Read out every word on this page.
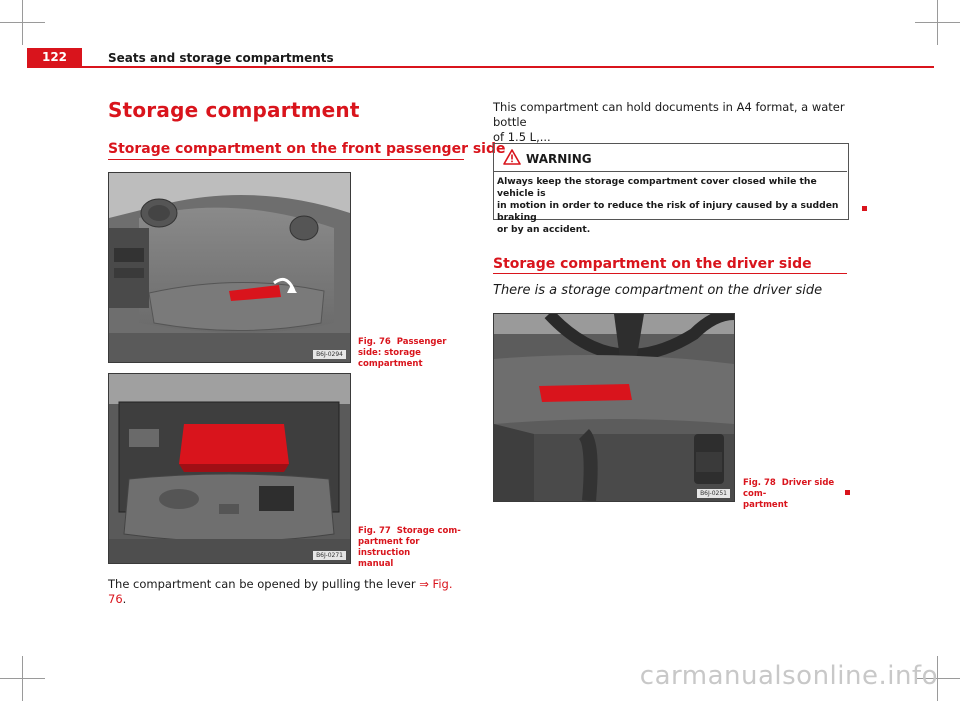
122	Seats and storage compartments
Storage compartment
Storage compartment on the front passenger side
B6J-0294
Fig. 76 Passenger side: storage compartment
B6J-0271
Fig. 77 Storage com-
partment for instruction
manual
The compartment can be opened by pulling the lever ⇒ Fig. 76.
This compartment can hold documents in A4 format, a water bottle
of 1.5 L,...
WARNING
Always keep the storage compartment cover closed while the vehicle is
in motion in order to reduce the risk of injury caused by a sudden braking
or by an accident.
Storage compartment on the driver side
There is a storage compartment on the driver side
B6J-0251
Fig. 78 Driver side com-
partment
carmanualsonline.info
